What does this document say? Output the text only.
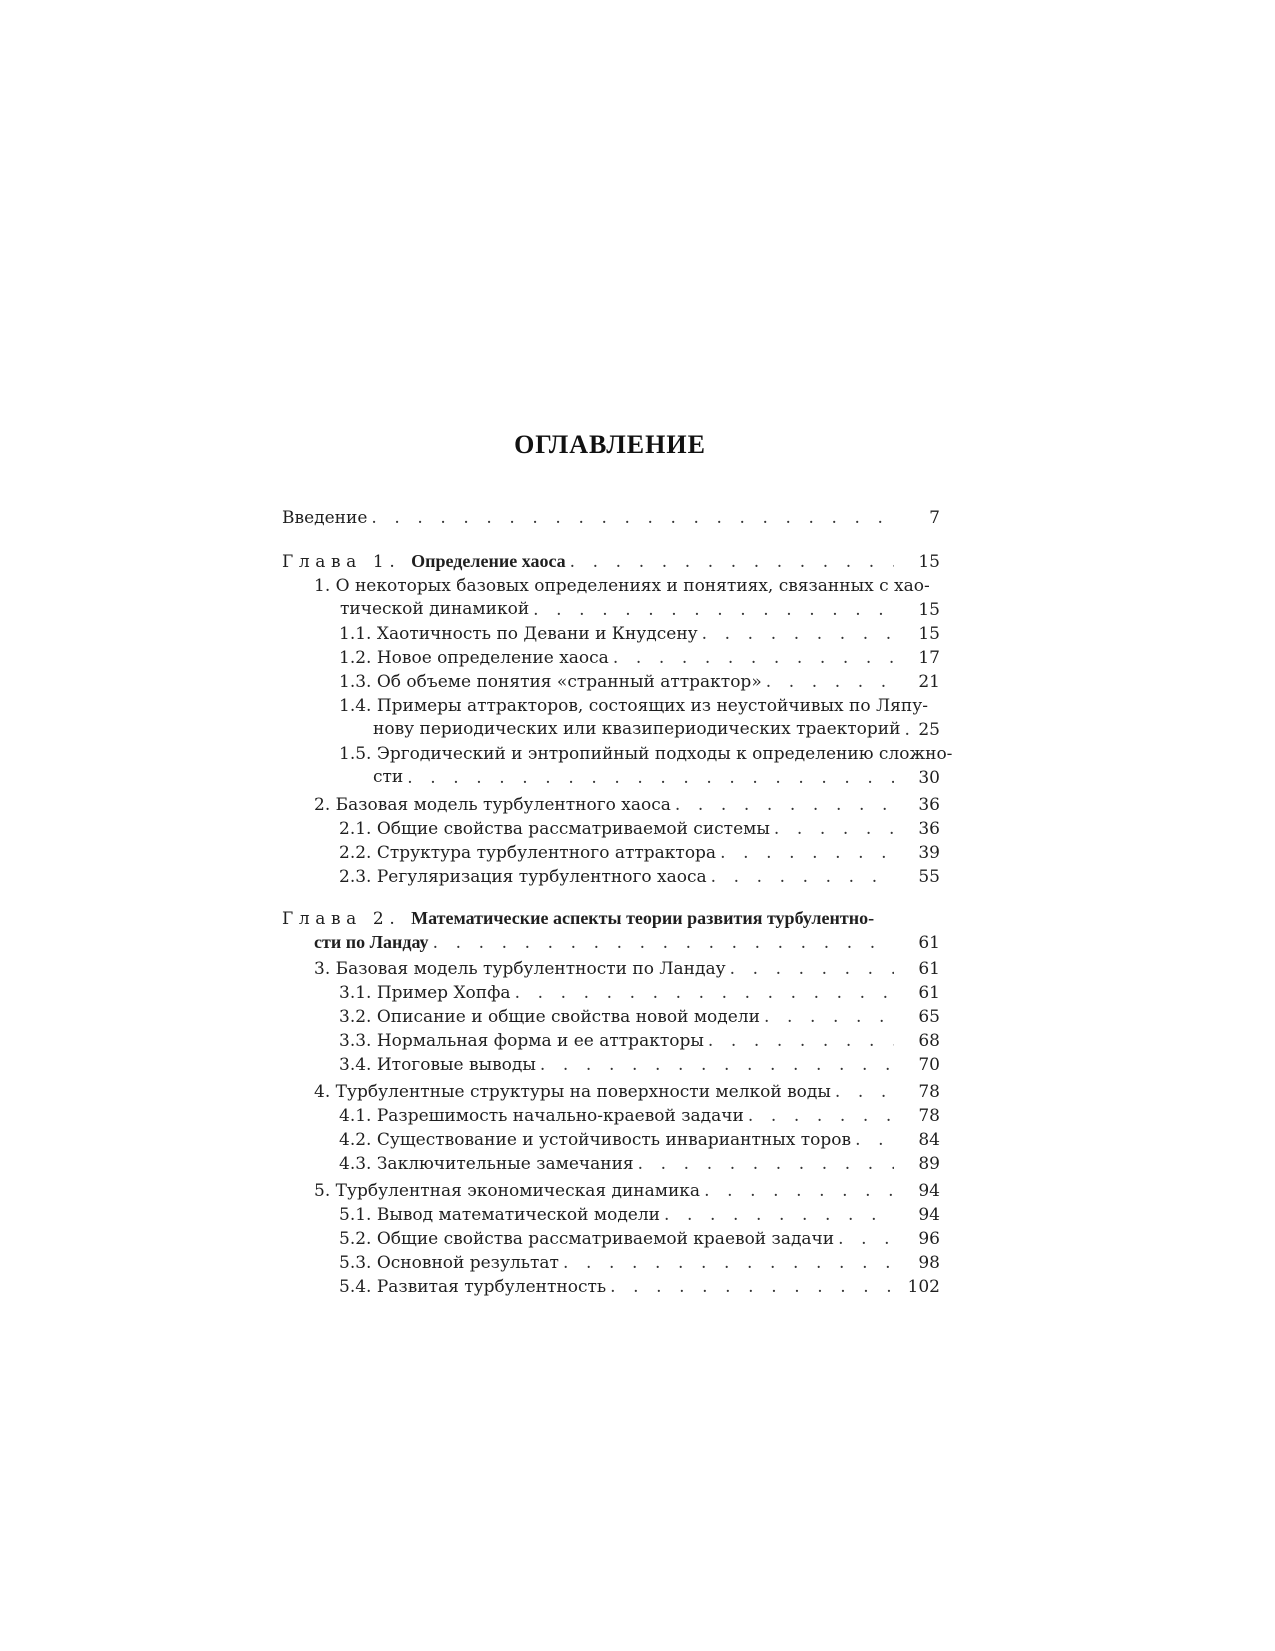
ОГЛАВЛЕНИЕ
Введение . . .	7
Глава 1. Определение хаоса . . .	15
1. О некоторых базовых определениях и понятиях, связанных с хао-
тической динамикой . . .	15
1.1. Хаотичность по Девани и Кнудсену . . .	15
1.2. Новое определение хаоса . . .	17
1.3. Об объеме понятия «странный аттрактор» . . .	21
1.4. Примеры аттракторов, состоящих из неустойчивых по Ляпу-
нову периодических или квазипериодических траекторий . . .	25
1.5. Эргодический и энтропийный подходы к определению сложно-
сти . . .	30
2. Базовая модель турбулентного хаоса . . .	36
2.1. Общие свойства рассматриваемой системы . . .	36
2.2. Структура турбулентного аттрактора . . .	39
2.3. Регуляризация турбулентного хаоса . . .	55
Глава 2. Математические аспекты теории развития турбулентно-
сти по Ландау . . .	61
3. Базовая модель турбулентности по Ландау . . .	61
3.1. Пример Хопфа . . .	61
3.2. Описание и общие свойства новой модели . . .	65
3.3. Нормальная форма и ее аттракторы . . .	68
3.4. Итоговые выводы . . .	70
4. Турбулентные структуры на поверхности мелкой воды . . .	78
4.1. Разрешимость начально-краевой задачи . . .	78
4.2. Существование и устойчивость инвариантных торов . . .	84
4.3. Заключительные замечания . . .	89
5. Турбулентная экономическая динамика . . .	94
5.1. Вывод математической модели . . .	94
5.2. Общие свойства рассматриваемой краевой задачи . . .	96
5.3. Основной результат . . .	98
5.4. Развитая турбулентность . . .	102
